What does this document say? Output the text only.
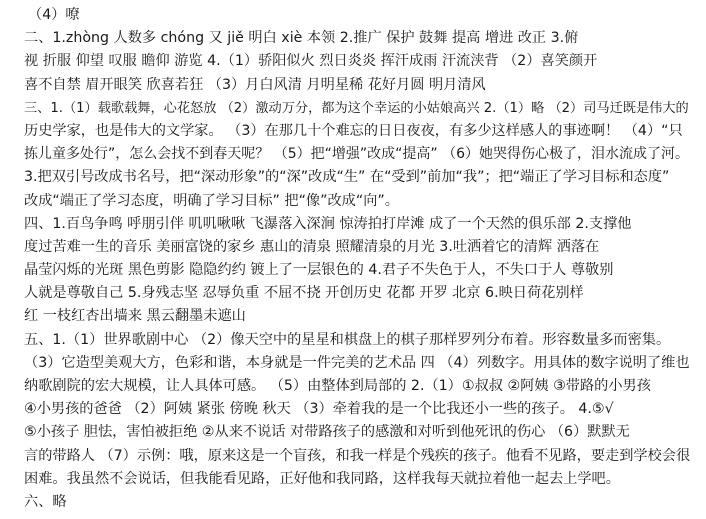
（4）嘹
二、1.zhòng 人数多 chóng 又 jiě 明白 xiè 本领 2.推广 保护 鼓舞 提高 增进 改正 3.俯
视 折服 仰望 叹服 瞻仰 游览 4.（1）骄阳似火 烈日炎炎 挥汗成雨 汗流浃背 （2）喜笑颜开
喜不自禁 眉开眼笑 欣喜若狂 （3）月白风清 月明星稀 花好月圆 明月清风
三、1.（1）载歌载舞，心花怒放 （2）激动万分，都为这个幸运的小姑娘高兴 2.（1）略 （2）司马迁既是伟大的
历史学家，也是伟大的文学家。 （3）在那几十个难忘的日日夜夜，有多少这样感人的事迹啊！ （4）“只
拣儿童多处行”，怎么会找不到春天呢？ （5）把“增强”改成“提高” （6）她哭得伤心极了，泪水流成了河。
3.把双引号改成书名号，把“深动形象”的“深”改成“生” 在“受到”前加“我”；把“端正了学习目标和态度”
改成“端正了学习态度，明确了学习目标” 把“像”改成“向”。
四、1.百鸟争鸣 呼朋引伴 叽叽啾啾 飞瀑落入深涧 惊涛拍打岸滩 成了一个天然的俱乐部 2.支撑他
度过苦难一生的音乐 美丽富饶的家乡 惠山的清泉 照耀清泉的月光 3.吐洒着它的清辉 洒落在
晶莹闪烁的光斑 黑色剪影 隐隐约约 镀上了一层银色的 4.君子不失色于人，不失口于人 尊敬别
人就是尊敬自己 5.身残志坚 忍辱负重 不屈不挠 开创历史 花都 开罗 北京 6.映日荷花别样
红 一枝红杏出墙来 黑云翻墨未遮山
五、1.（1）世界歌剧中心 （2）像天空中的星星和棋盘上的棋子那样罗列分布着。形容数量多而密集。
（3）它造型美观大方，色彩和谐，本身就是一件完美的艺术品 四 （4）列数字。用具体的数字说明了维也
纳歌剧院的宏大规模，让人具体可感。 （5）由整体到局部的 2.（1）①叔叔 ②阿姨 ③带路的小男孩
④小男孩的爸爸 （2）阿姨 紧张 傍晚 秋天 （3）牵着我的是一个比我还小一些的孩子。 4.⑤√
⑤小孩子 胆怯，害怕被拒绝 ②从来不说话 对带路孩子的感激和对听到他死讯的伤心 （6）默默无
言的带路人 （7）示例：哦，原来这是一个盲孩，和我一样是个残疾的孩子。他看不见路，要走到学校会很
困难。我虽然不会说话，但我能看见路，正好他和我同路，这样我每天就拉着他一起去上学吧。
六、略
